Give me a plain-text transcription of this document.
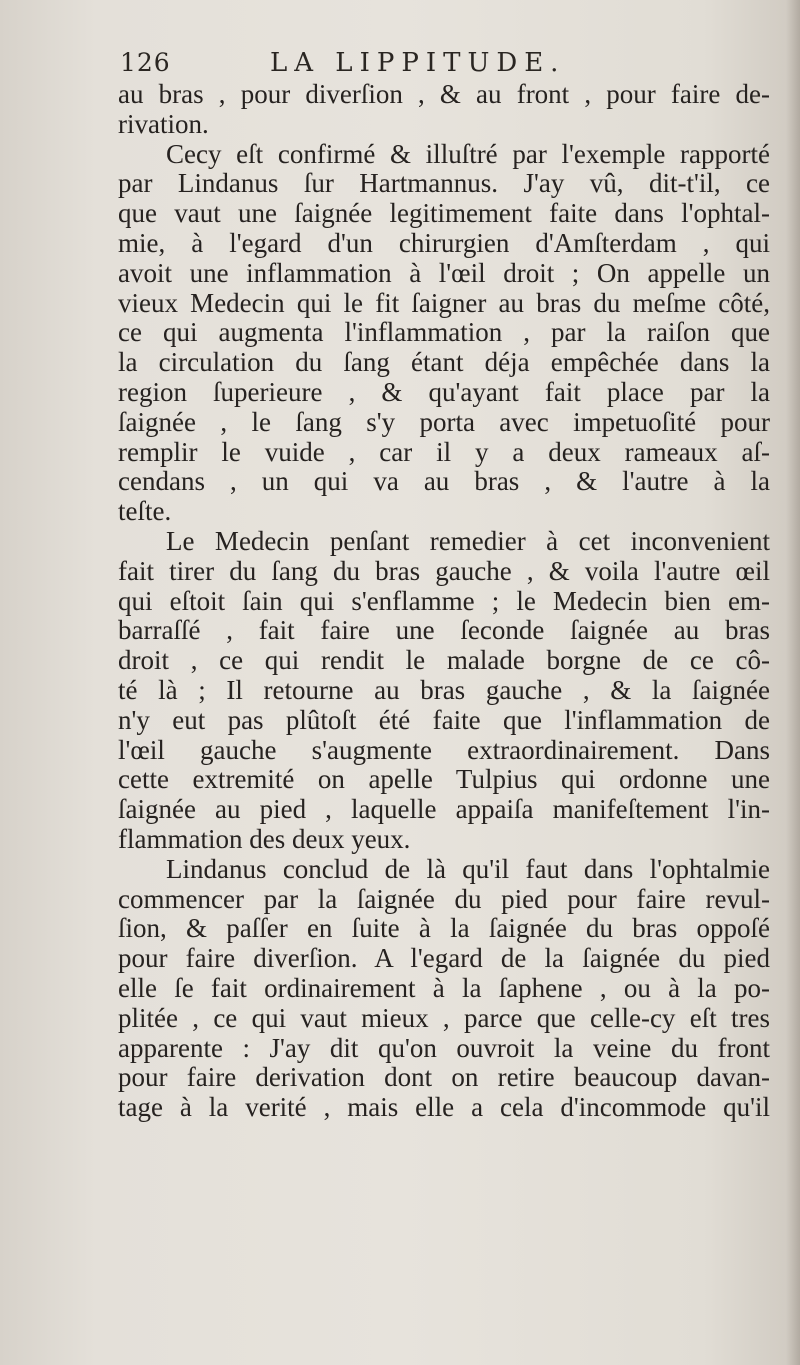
126	LA LIPPITUDE.
au bras , pour diverſion , & au front , pour faire de-
rivation.
Cecy eſt confirmé & illuſtré par l'exemple rapporté
par Lindanus ſur Hartmannus. J'ay vû, dit-t'il, ce
que vaut une ſaignée legitimement faite dans l'ophtal-
mie, à l'egard d'un chirurgien d'Amſterdam , qui
avoit une inflammation à l'œil droit ; On appelle un
vieux Medecin qui le fit ſaigner au bras du meſme côté,
ce qui augmenta l'inflammation , par la raiſon que
la circulation du ſang étant déja empêchée dans la
region ſuperieure , & qu'ayant fait place par la
ſaignée , le ſang s'y porta avec impetuoſité pour
remplir le vuide , car il y a deux rameaux aſ-
cendans , un qui va au bras , & l'autre à la
teſte.
Le Medecin penſant remedier à cet inconvenient
fait tirer du ſang du bras gauche , & voila l'autre œil
qui eſtoit ſain qui s'enflamme ; le Medecin bien em-
barraſſé , fait faire une ſeconde ſaignée au bras
droit , ce qui rendit le malade borgne de ce cô-
té là ; Il retourne au bras gauche , & la ſaignée
n'y eut pas plûtoſt été faite que l'inflammation de
l'œil gauche s'augmente extraordinairement. Dans
cette extremité on apelle Tulpius qui ordonne une
ſaignée au pied , laquelle appaiſa manifeſtement l'in-
flammation des deux yeux.
Lindanus conclud de là qu'il faut dans l'ophtalmie
commencer par la ſaignée du pied pour faire revul-
ſion, & paſſer en ſuite à la ſaignée du bras oppoſé
pour faire diverſion. A l'egard de la ſaignée du pied
elle ſe fait ordinairement à la ſaphene , ou à la po-
plitée , ce qui vaut mieux , parce que celle-cy eſt tres
apparente : J'ay dit qu'on ouvroit la veine du front
pour faire derivation dont on retire beaucoup davan-
tage à la verité , mais elle a cela d'incommode qu'il
